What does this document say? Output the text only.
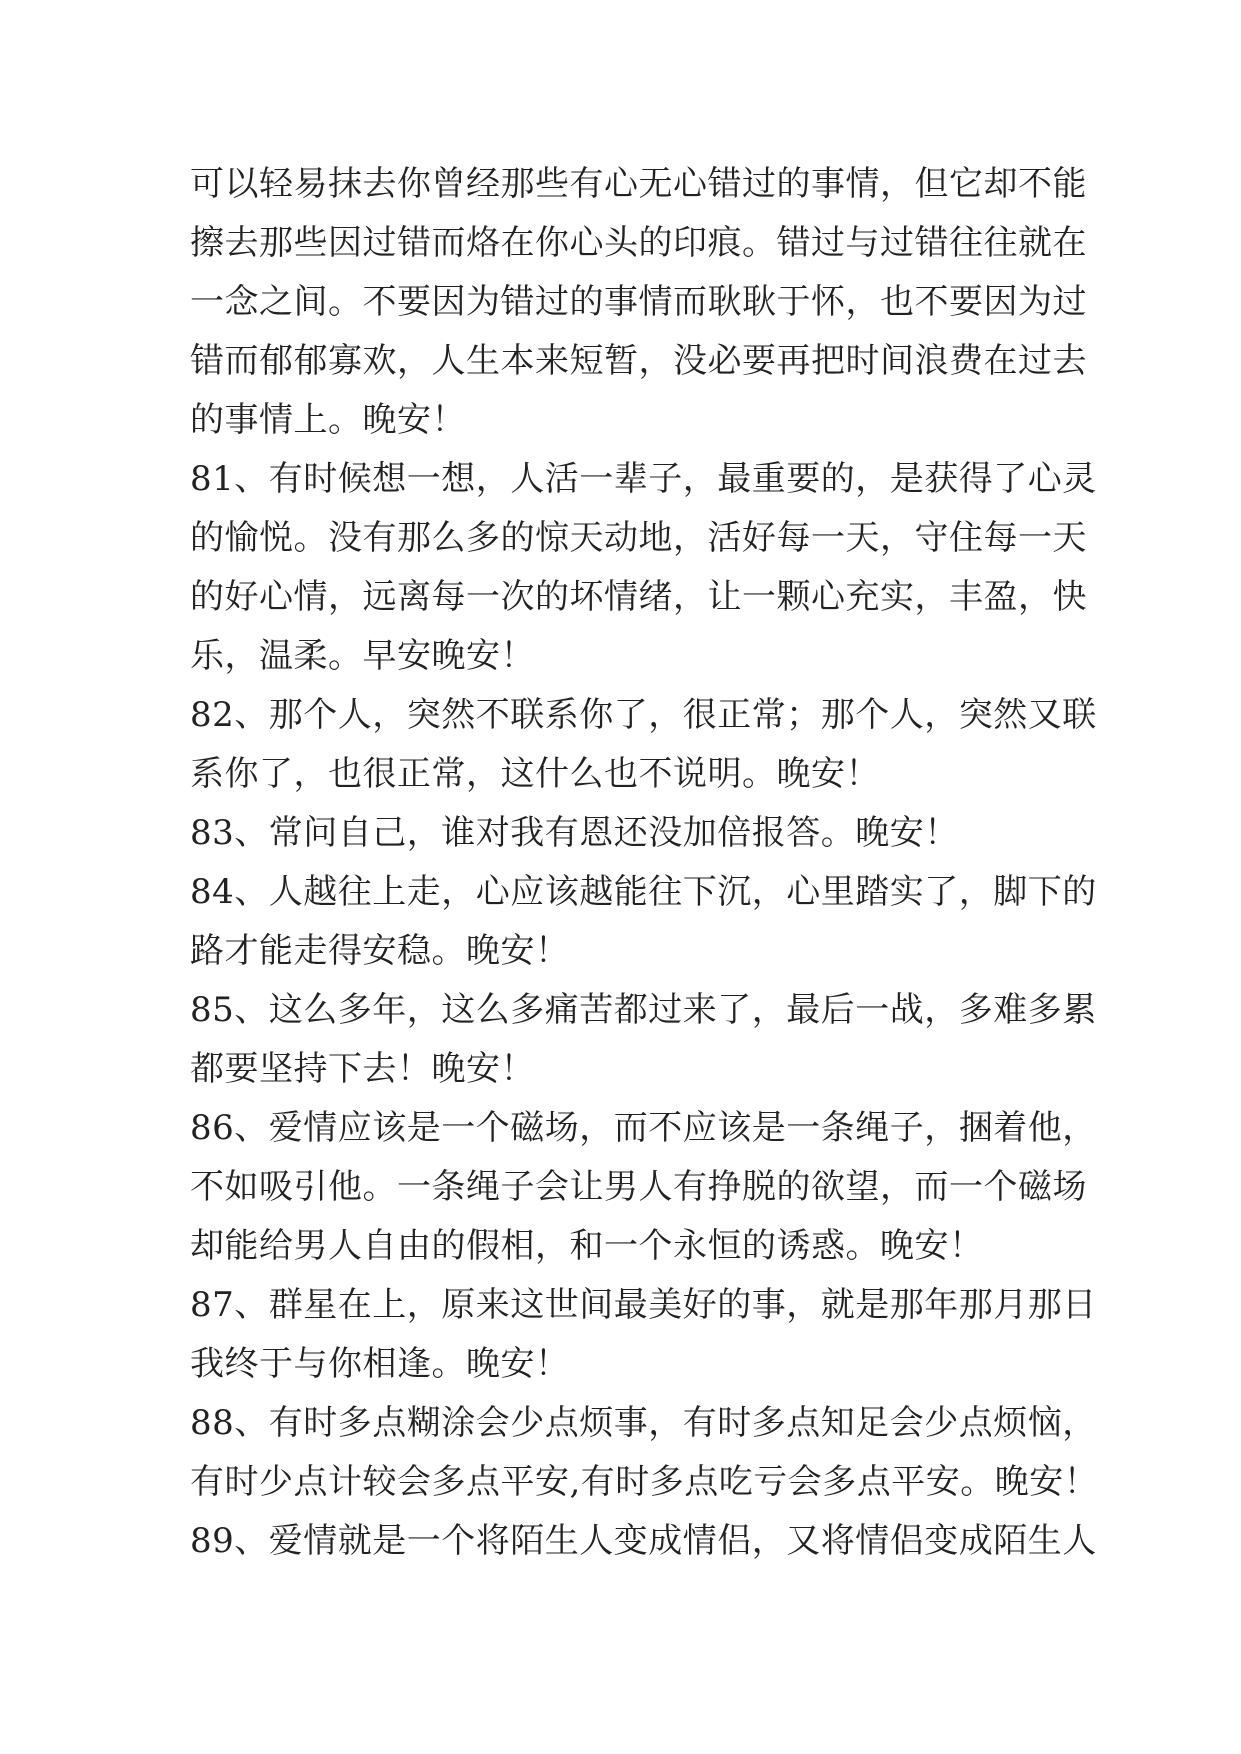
可以轻易抹去你曾经那些有心无心错过的事情，但它却不能
擦去那些因过错而烙在你心头的印痕。错过与过错往往就在
一念之间。不要因为错过的事情而耿耿于怀，也不要因为过
错而郁郁寡欢，人生本来短暂，没必要再把时间浪费在过去
的事情上。晚安！
81、有时候想一想，人活一辈子，最重要的，是获得了心灵
的愉悦。没有那么多的惊天动地，活好每一天，守住每一天
的好心情，远离每一次的坏情绪，让一颗心充实，丰盈，快
乐，温柔。早安晚安！
82、那个人，突然不联系你了，很正常；那个人，突然又联
系你了，也很正常，这什么也不说明。晚安！
83、常问自己，谁对我有恩还没加倍报答。晚安！
84、人越往上走，心应该越能往下沉，心里踏实了，脚下的
路才能走得安稳。晚安！
85、这么多年，这么多痛苦都过来了，最后一战，多难多累
都要坚持下去！晚安！
86、爱情应该是一个磁场，而不应该是一条绳子，捆着他，
不如吸引他。一条绳子会让男人有挣脱的欲望，而一个磁场
却能给男人自由的假相，和一个永恒的诱惑。晚安！
87、群星在上，原来这世间最美好的事，就是那年那月那日
我终于与你相逢。晚安！
88、有时多点糊涂会少点烦事，有时多点知足会少点烦恼，
有时少点计较会多点平安,有时多点吃亏会多点平安。晚安！
89、爱情就是一个将陌生人变成情侣，又将情侣变成陌生人
